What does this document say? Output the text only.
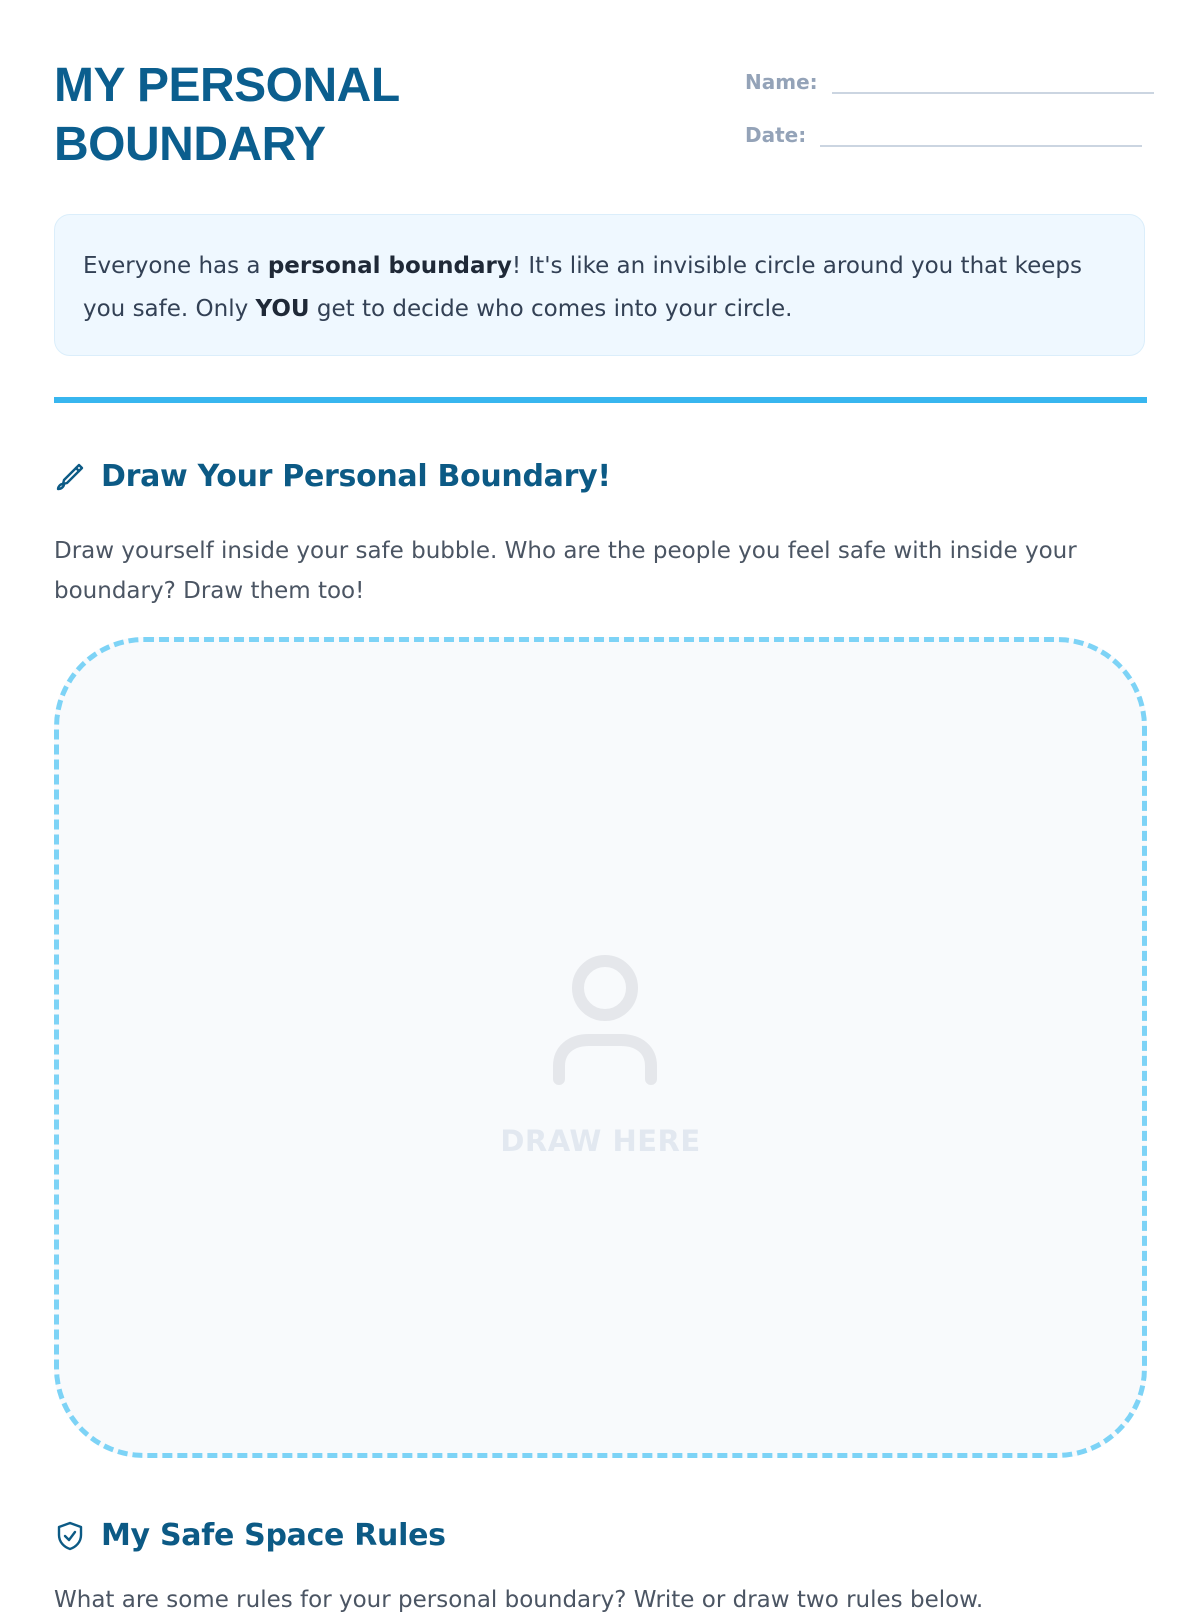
MY PERSONAL
BOUNDARY
Name:
Date:
Everyone has a personal boundary! It's like an invisible circle around you that keeps you safe. Only YOU get to decide who comes into your circle.
Draw Your Personal Boundary!

Draw yourself inside your safe bubble. Who are the people you feel safe with inside your boundary? Draw them too!

DRAW HERE
My Safe Space Rules

What are some rules for your personal boundary? Write or draw two rules below.
